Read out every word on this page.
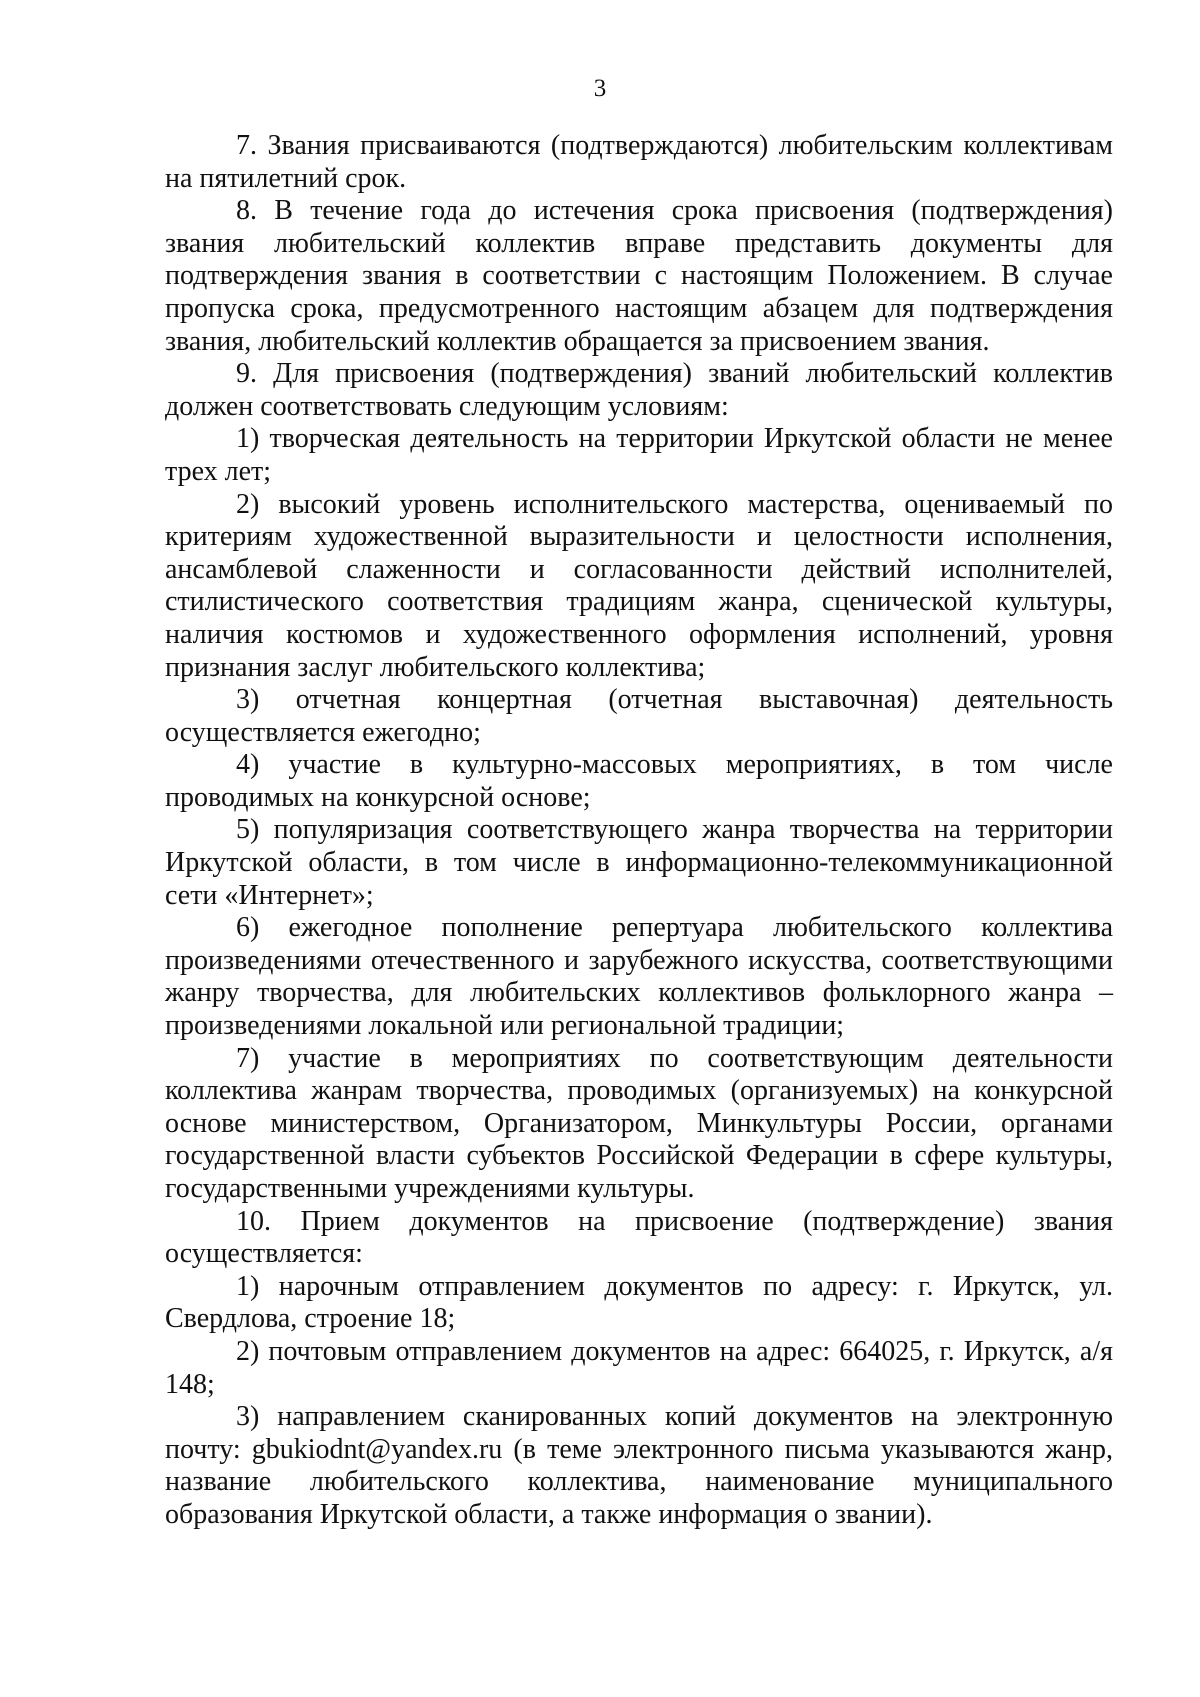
3

7. Звания присваиваются (подтверждаются) любительским коллективам на пятилетний срок.

8. В течение года до истечения срока присвоения (подтверждения) звания любительский коллектив вправе представить документы для подтверждения звания в соответствии с настоящим Положением. В случае пропуска срока, предусмотренного настоящим абзацем для подтверждения звания, любительский коллектив обращается за присвоением звания.

9. Для присвоения (подтверждения) званий любительский коллектив должен соответствовать следующим условиям:

1) творческая деятельность на территории Иркутской области не менее трех лет;

2) высокий уровень исполнительского мастерства, оцениваемый по критериям художественной выразительности и целостности исполнения, ансамблевой слаженности и согласованности действий исполнителей, стилистического соответствия традициям жанра, сценической культуры, наличия костюмов и художественного оформления исполнений, уровня признания заслуг любительского коллектива;

3) отчетная концертная (отчетная выставочная) деятельность осуществляется ежегодно;

4) участие в культурно-массовых мероприятиях, в том числе проводимых на конкурсной основе;

5) популяризация соответствующего жанра творчества на территории Иркутской области, в том числе в информационно-телекоммуникационной сети «Интернет»;

6) ежегодное пополнение репертуара любительского коллектива произведениями отечественного и зарубежного искусства, соответствующими жанру творчества, для любительских коллективов фольклорного жанра – произведениями локальной или региональной традиции;

7) участие в мероприятиях по соответствующим деятельности коллектива жанрам творчества, проводимых (организуемых) на конкурсной основе министерством, Организатором, Минкультуры России, органами государственной власти субъектов Российской Федерации в сфере культуры, государственными учреждениями культуры.

10. Прием документов на присвоение (подтверждение) звания осуществляется:

1) нарочным отправлением документов по адресу: г. Иркутск, ул. Свердлова, строение 18;

2) почтовым отправлением документов на адрес: 664025, г. Иркутск, а/я 148;

3) направлением сканированных копий документов на электронную почту: gbukiodnt@yandex.ru (в теме электронного письма указываются жанр, название любительского коллектива, наименование муниципального образования Иркутской области, а также информация о звании).
